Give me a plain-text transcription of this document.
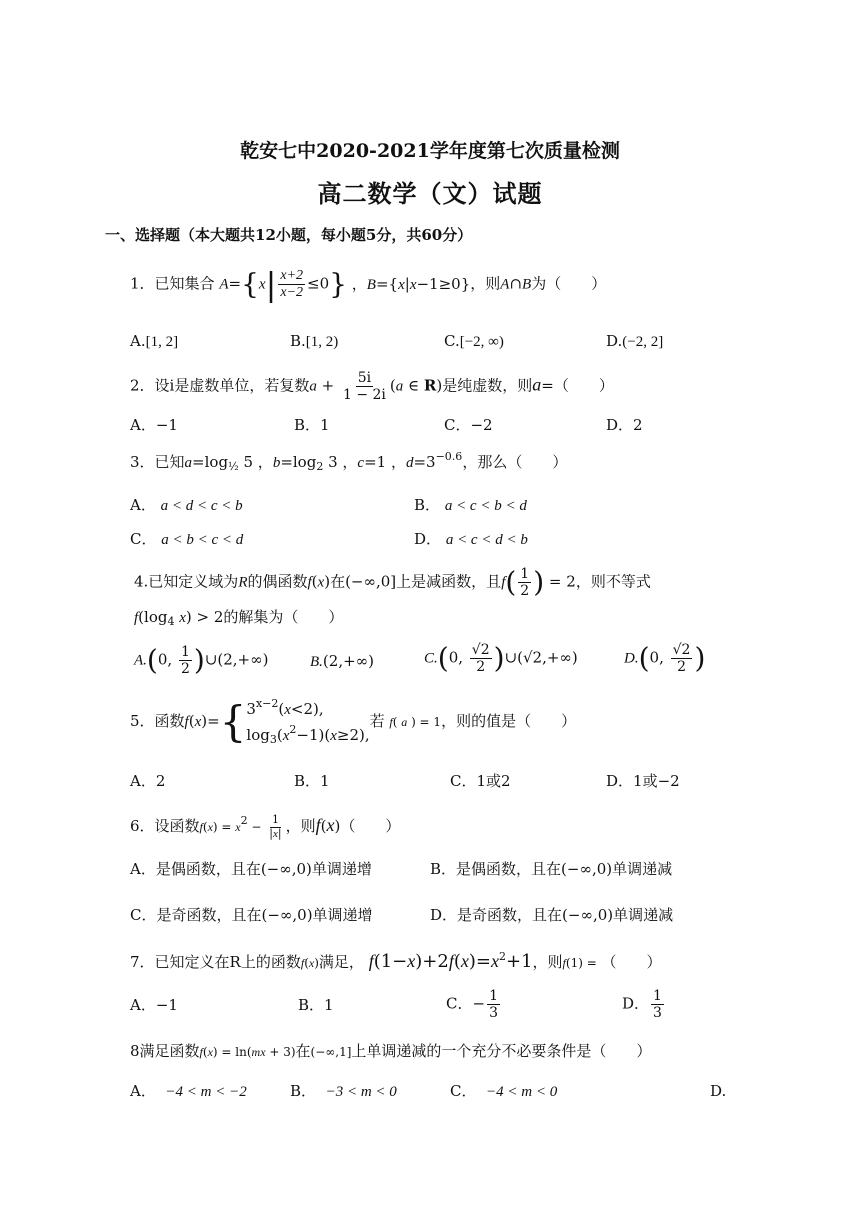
乾安七中2020-2021学年度第七次质量检测
高二数学（文）试题
一、选择题（本大题共12小题，每小题5分，共60分）
1．已知集合 $A=\{x| \frac{x+2}{x-2} \le 0\}$ ，B={x|x−1≥0}，则A∩B为（　　）
A.[1, 2]	B.[1, 2)	C.[−2, ∞)	D.(−2, 2]
2．设i是虚数单位，若复数$a + \frac{5i}{1 - 2i} (a$ ∈ R)是纯虚数，则a=（　　）
A．−1	B．1	C．−2	D．2
3．已知$a=\log_{\frac{1}{2}}$ 5 ，$b=\log_2$ 3 ，c=1 ，$d=3^{-0.6}$，那么（　　）
A． a < d < c < b	B． a < c < b < d
C． a < b < c < d	D． a < c < d < b
4.已知定义域为R的偶函数f(x)在(−∞,0]上是减函数，且$f( \frac{1}{2}$ ) = 2，则不等式
$f(\log_4$ x) > 2的解集为（　　）
A.(0, $\frac{1}{2}$ )∪(2,+∞)	B.(2,+∞)	C.(0, $\frac{√2}{2}$ )∪(√2,+∞)	D.(0, $\frac{√2}{2}$ )
5．函数f(x)={ $3^{x-2}(x<2)$,
$\log_3(x^2-1)(x\ge 2)$,
若 f( a ) = 1，则的值是（　　）
A．2	B．1	C．1或2	D．1或−2
6．设函数$f(x) = x2 - \frac{1}{|x|}$ ，则f(x)（　　）
A．是偶函数，且在(−∞,0)单调递增	B．是偶函数，且在(−∞,0)单调递减
C．是奇函数，且在(−∞,0)单调递增	D．是奇函数，且在(−∞,0)单调递减
7．已知定义在R上的函数f(x)满足， $f(1-x)+2f(x)=x^2+1$，则f(1) = （　　）
A．−1	B．1	C．− $\frac{1}{3}$	D． $\frac{1}{3}$
8满足函数f(x) = ln(mx + 3)在(−∞,1]上单调递减的一个充分不必要条件是（　　）
A． −4 < m < −2	B． −3 < m < 0	C． −4 < m < 0	D.
